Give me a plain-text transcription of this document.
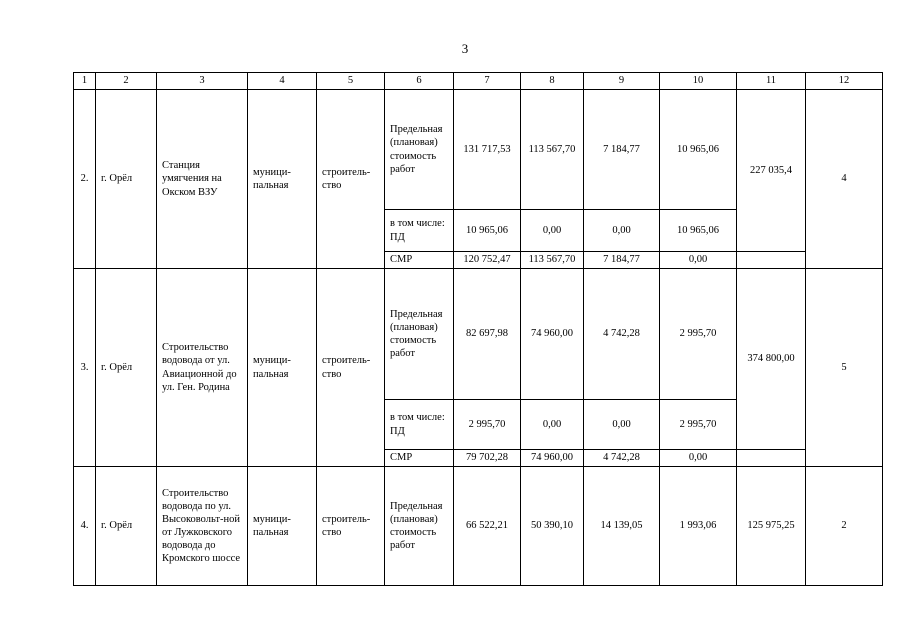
3
1	2	3	4	5	6	7	8	9	10	11	12
2.	г. Орёл	Станция умягчения на Окском ВЗУ	муници-пальная	строитель-ство	Предельная (плановая) стоимость работ	131 717,53	113 567,70	7 184,77	10 965,06	227 035,4	4
					в том числе: ПД	10 965,06	0,00	0,00	10 965,06		
					СМР	120 752,47	113 567,70	7 184,77	0,00		
3.	г. Орёл	Строительство водовода от ул. Авиационной до ул. Ген. Родина	муници-пальная	строитель-ство	Предельная (плановая) стоимость работ	82 697,98	74 960,00	4 742,28	2 995,70	374 800,00	5
					в том числе: ПД	2 995,70	0,00	0,00	2 995,70		
					СМР	79 702,28	74 960,00	4 742,28	0,00		
4.	г. Орёл	Строительство водовода по ул. Высоковольт-ной от Лужковского водовода до Кромского шоссе	муници-пальная	строитель-ство	Предельная (плановая) стоимость работ	66 522,21	50 390,10	14 139,05	1 993,06	125 975,25	2
